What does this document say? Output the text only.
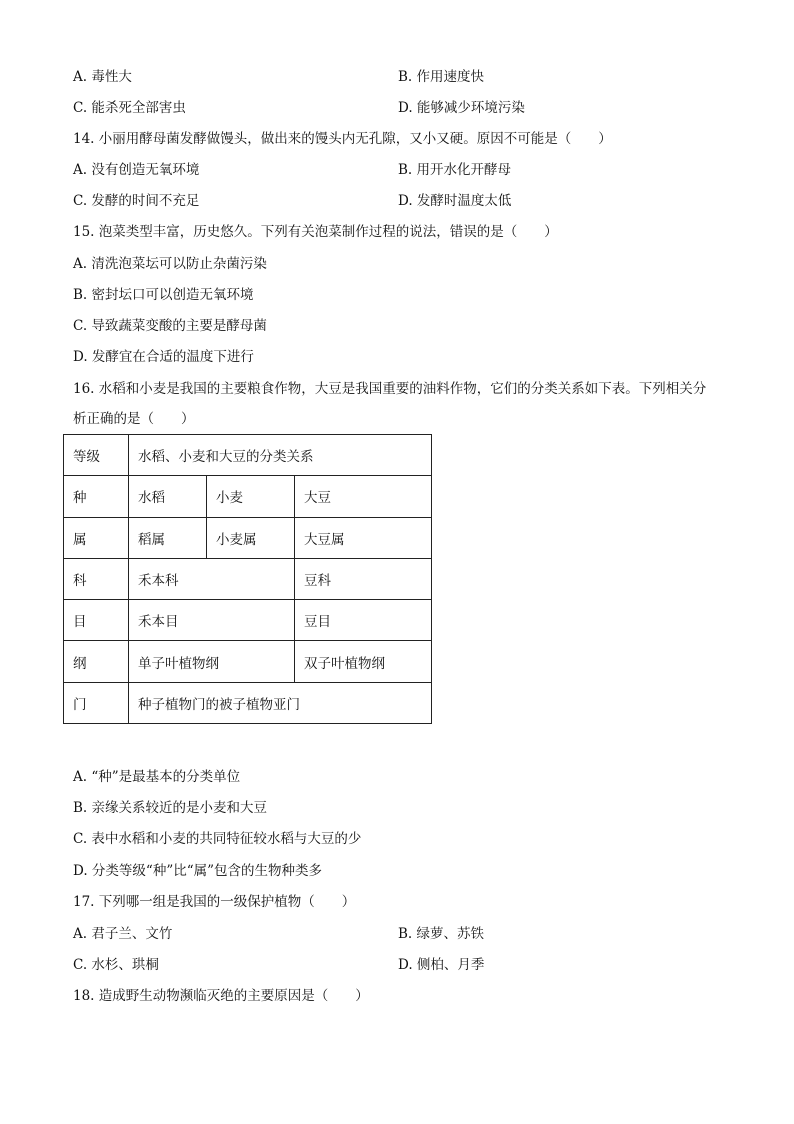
A. 毒性大	B. 作用速度快
C. 能杀死全部害虫	D. 能够减少环境污染
14. 小丽用酵母菌发酵做馒头，做出来的馒头内无孔隙，又小又硬。原因不可能是（　　）
A. 没有创造无氧环境	B. 用开水化开酵母
C. 发酵的时间不充足	D. 发酵时温度太低
15. 泡菜类型丰富，历史悠久。下列有关泡菜制作过程的说法，错误的是（　　）
A. 清洗泡菜坛可以防止杂菌污染
B. 密封坛口可以创造无氧环境
C. 导致蔬菜变酸的主要是酵母菌
D. 发酵宜在合适的温度下进行
16. 水稻和小麦是我国的主要粮食作物，大豆是我国重要的油料作物，它们的分类关系如下表。下列相关分
析正确的是（　　）
等级	水稻、小麦和大豆的分类关系		
种	水稻	小麦	大豆
属	稻属	小麦属	大豆属
科	禾本科		豆科
目	禾本目		豆目
纲	单子叶植物纲		双子叶植物纲
门	种子植物门的被子植物亚门		
A. “种”是最基本的分类单位
B. 亲缘关系较近的是小麦和大豆
C. 表中水稻和小麦的共同特征较水稻与大豆的少
D. 分类等级“种”比“属”包含的生物种类多
17. 下列哪一组是我国的一级保护植物（　　）
A. 君子兰、文竹	B. 绿萝、苏铁
C. 水杉、珙桐	D. 侧柏、月季
18. 造成野生动物濒临灭绝的主要原因是（　　）
